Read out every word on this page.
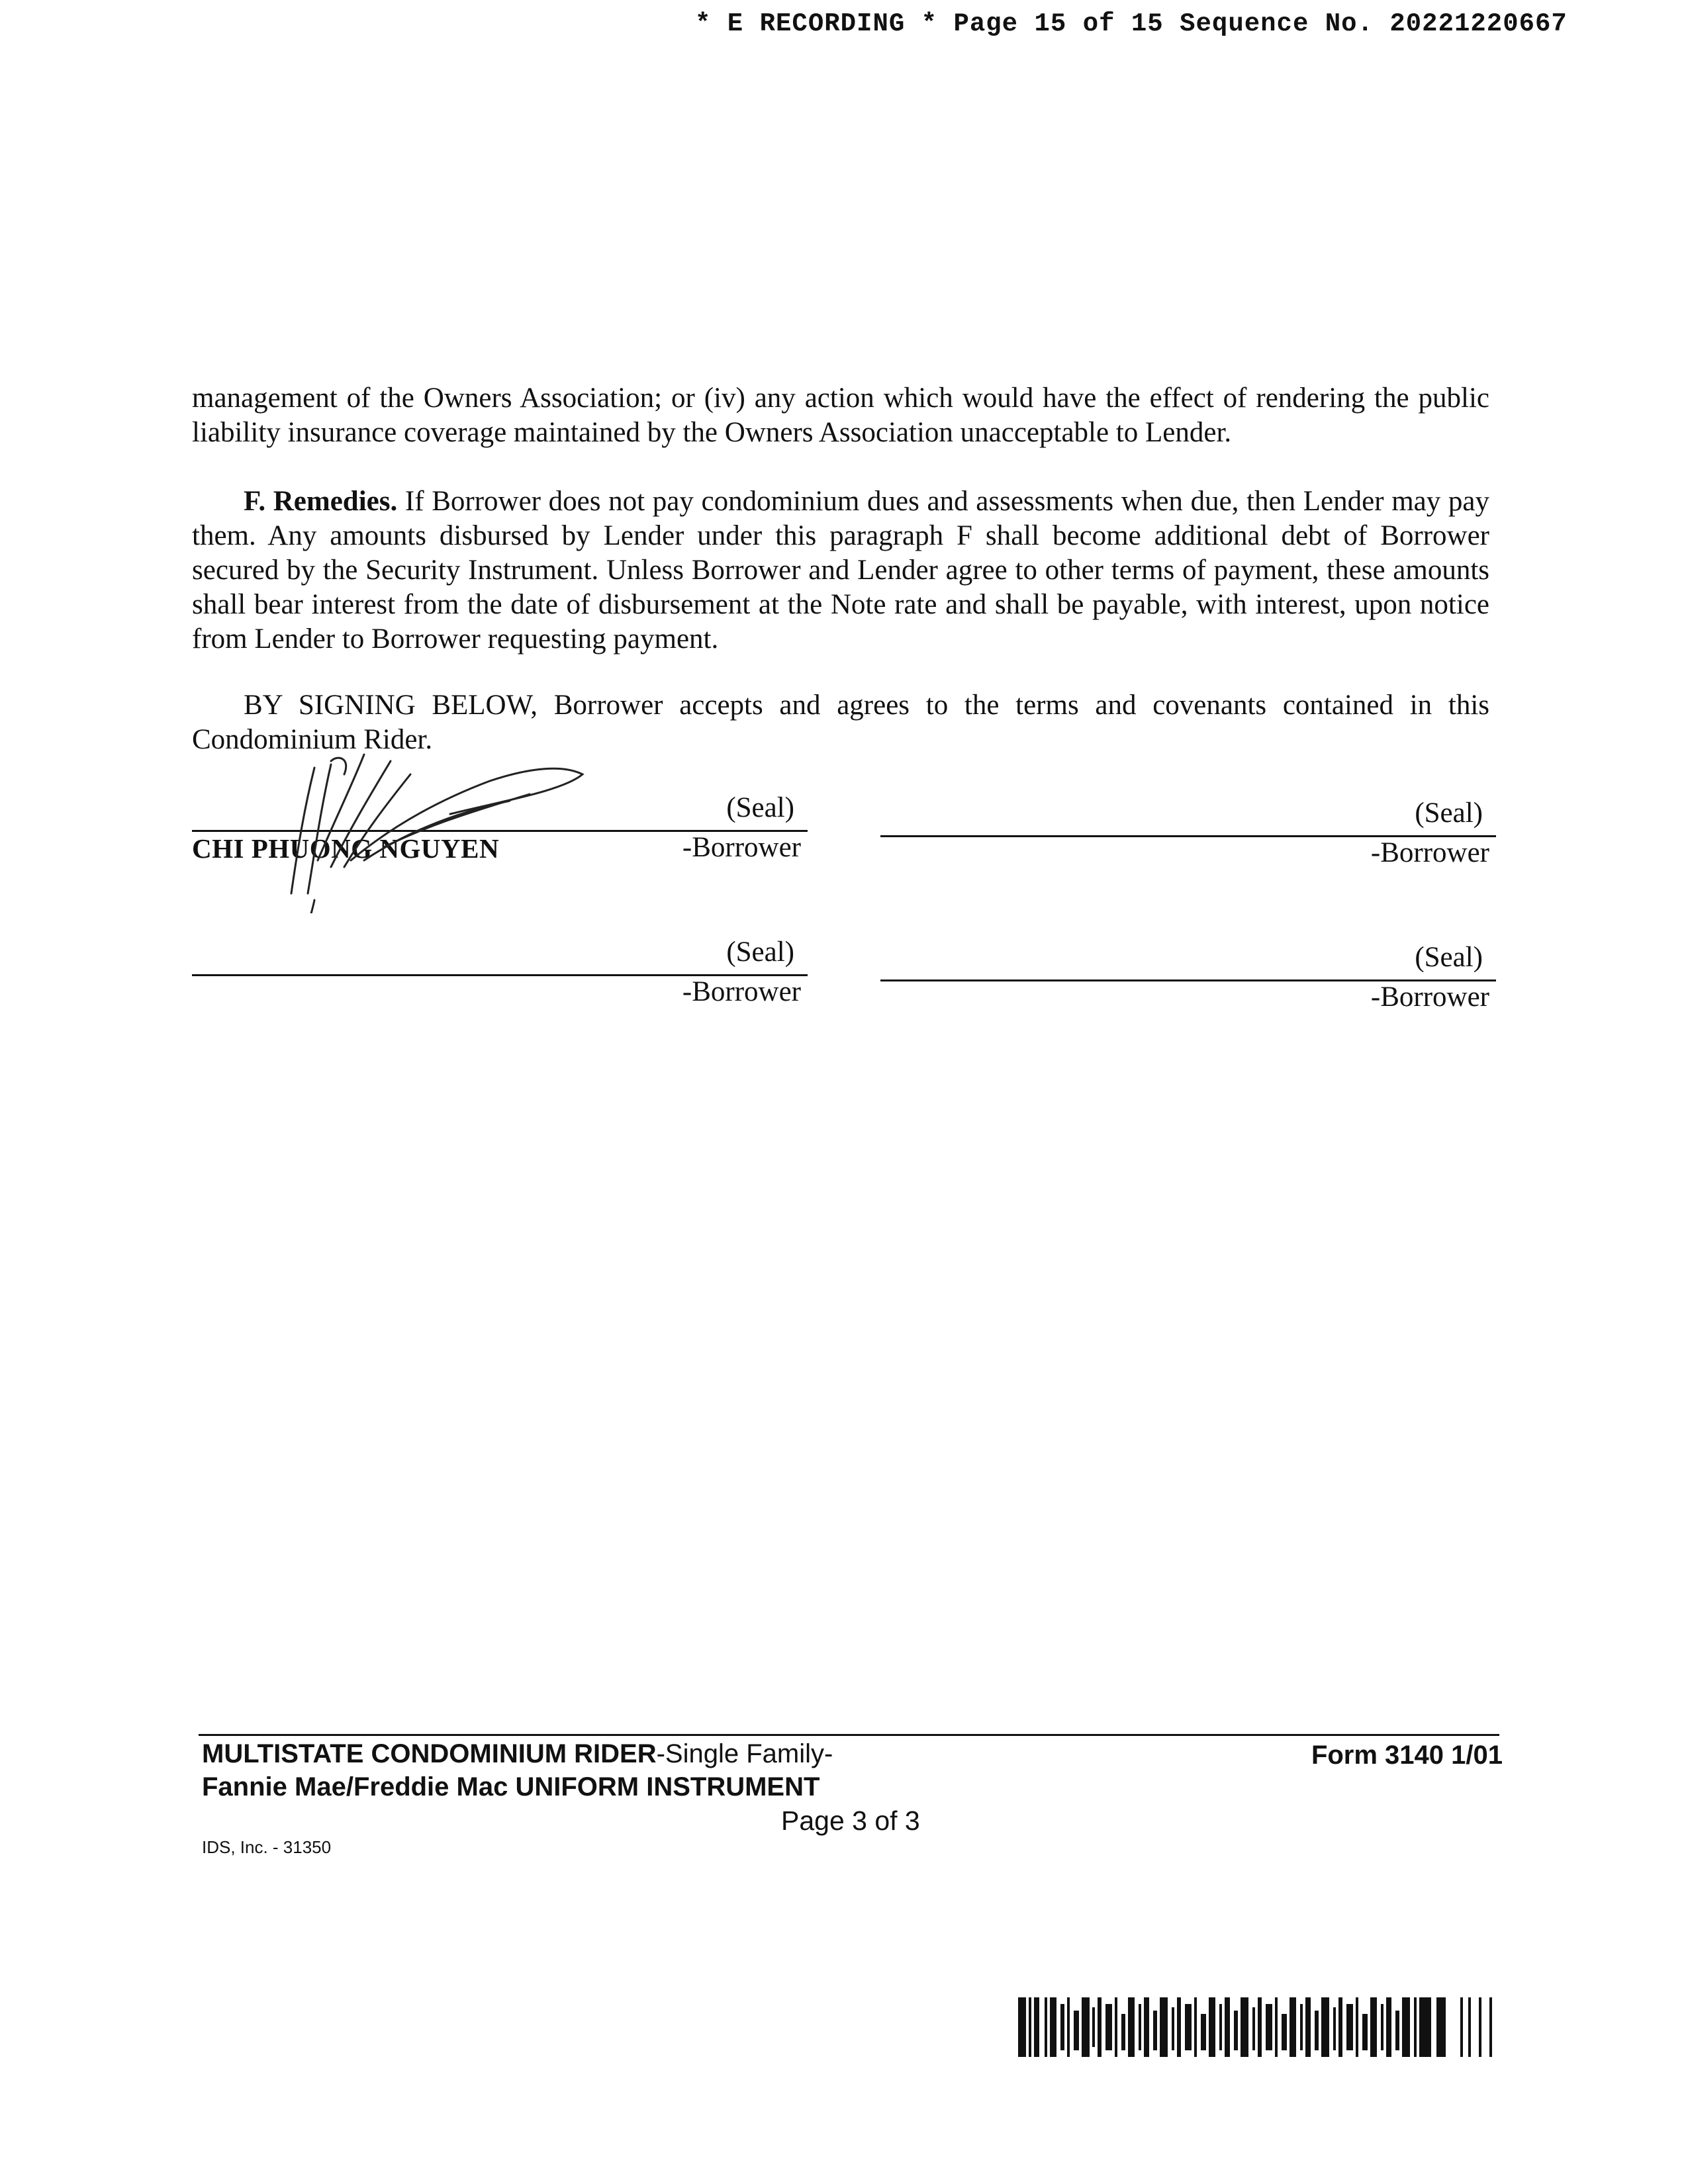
* E RECORDING * Page 15 of 15 Sequence No. 20221220667

management of the Owners Association; or (iv) any action which would have the effect of rendering the public liability insurance coverage maintained by the Owners Association unacceptable to Lender.

F. Remedies. If Borrower does not pay condominium dues and assessments when due, then Lender may pay them. Any amounts disbursed by Lender under this paragraph F shall become additional debt of Borrower secured by the Security Instrument. Unless Borrower and Lender agree to other terms of payment, these amounts shall bear interest from the date of disbursement at the Note rate and shall be payable, with interest, upon notice from Lender to Borrower requesting payment.

BY SIGNING BELOW, Borrower accepts and agrees to the terms and covenants contained in this Condominium Rider.

(Seal)
CHI PHUONG NGUYEN	-Borrower
(Seal)
-Borrower
(Seal)
-Borrower
(Seal)
-Borrower
MULTISTATE CONDOMINIUM RIDER-Single Family-
Fannie Mae/Freddie Mac UNIFORM INSTRUMENT
Form 3140 1/01
Page 3 of 3
IDS, Inc. - 31350
